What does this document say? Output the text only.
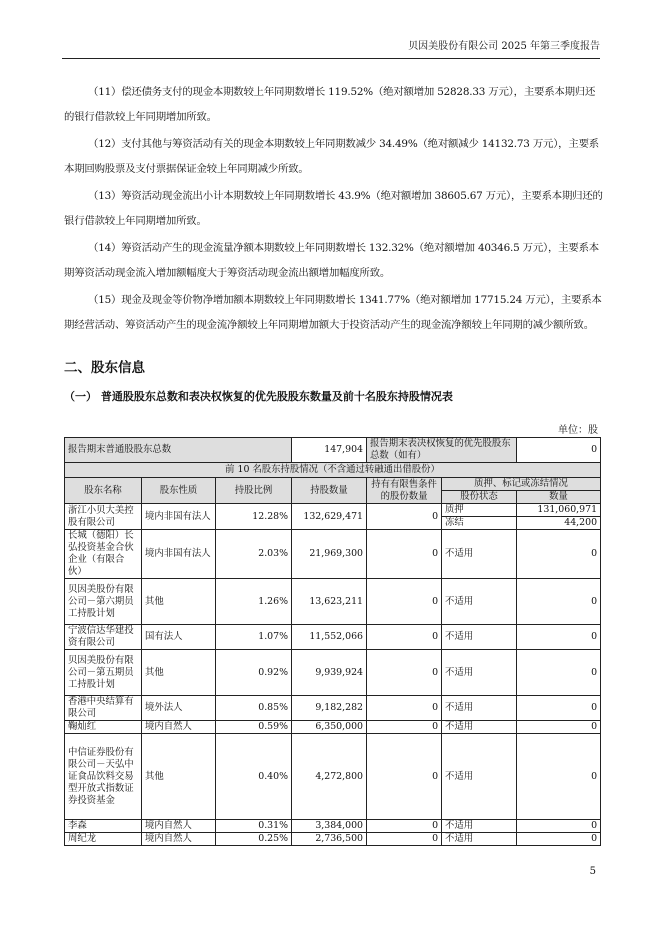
贝因美股份有限公司 2025 年第三季度报告
（11）偿还债务支付的现金本期数较上年同期数增长 119.52%（绝对额增加 52828.33 万元），主要系本期归还的银行借款较上年同期增加所致。
（12）支付其他与筹资活动有关的现金本期数较上年同期数减少 34.49%（绝对额减少 14132.73 万元），主要系本期回购股票及支付票据保证金较上年同期减少所致。
（13）筹资活动现金流出小计本期数较上年同期数增长 43.9%（绝对额增加 38605.67 万元），主要系本期归还的银行借款较上年同期增加所致。
（14）筹资活动产生的现金流量净额本期数较上年同期数增长 132.32%（绝对额增加 40346.5 万元），主要系本期筹资活动现金流入增加额幅度大于筹资活动现金流出额增加幅度所致。
（15）现金及现金等价物净增加额本期数较上年同期数增长 1341.77%（绝对额增加 17715.24 万元），主要系本期经营活动、筹资活动产生的现金流净额较上年同期增加额大于投资活动产生的现金流净额较上年同期的减少额所致。
二、股东信息
（一） 普通股股东总数和表决权恢复的优先股股东数量及前十名股东持股情况表
单位：股
报告期末普通股股东总数			147,904	报告期末表决权恢复的优先股股东总数（如有）		0
前 10 名股东持股情况（不含通过转融通出借股份）						
股东名称	股东性质	持股比例	持股数量	持有有限售条件的股份数量	质押、标记或冻结情况	
					股份状态	数量
浙江小贝大美控股有限公司	境内非国有法人	12.28%	132,629,471	0	质押	131,060,971
					冻结	44,200
长城（德阳）长弘投资基金合伙企业（有限合伙）	境内非国有法人	2.03%	21,969,300	0	不适用	0
贝因美股份有限公司－第六期员工持股计划	其他	1.26%	13,623,211	0	不适用	0
宁波信达华建投资有限公司	国有法人	1.07%	11,552,066	0	不适用	0
贝因美股份有限公司－第五期员工持股计划	其他	0.92%	9,939,924	0	不适用	0
香港中央结算有限公司	境外法人	0.85%	9,182,282	0	不适用	0
鞠灿红	境内自然人	0.59%	6,350,000	0	不适用	0
中信证券股份有限公司－天弘中证食品饮料交易型开放式指数证券投资基金	其他	0.40%	4,272,800	0	不适用	0
李森	境内自然人	0.31%	3,384,000	0	不适用	0
周纪龙	境内自然人	0.25%	2,736,500	0	不适用	0
5
